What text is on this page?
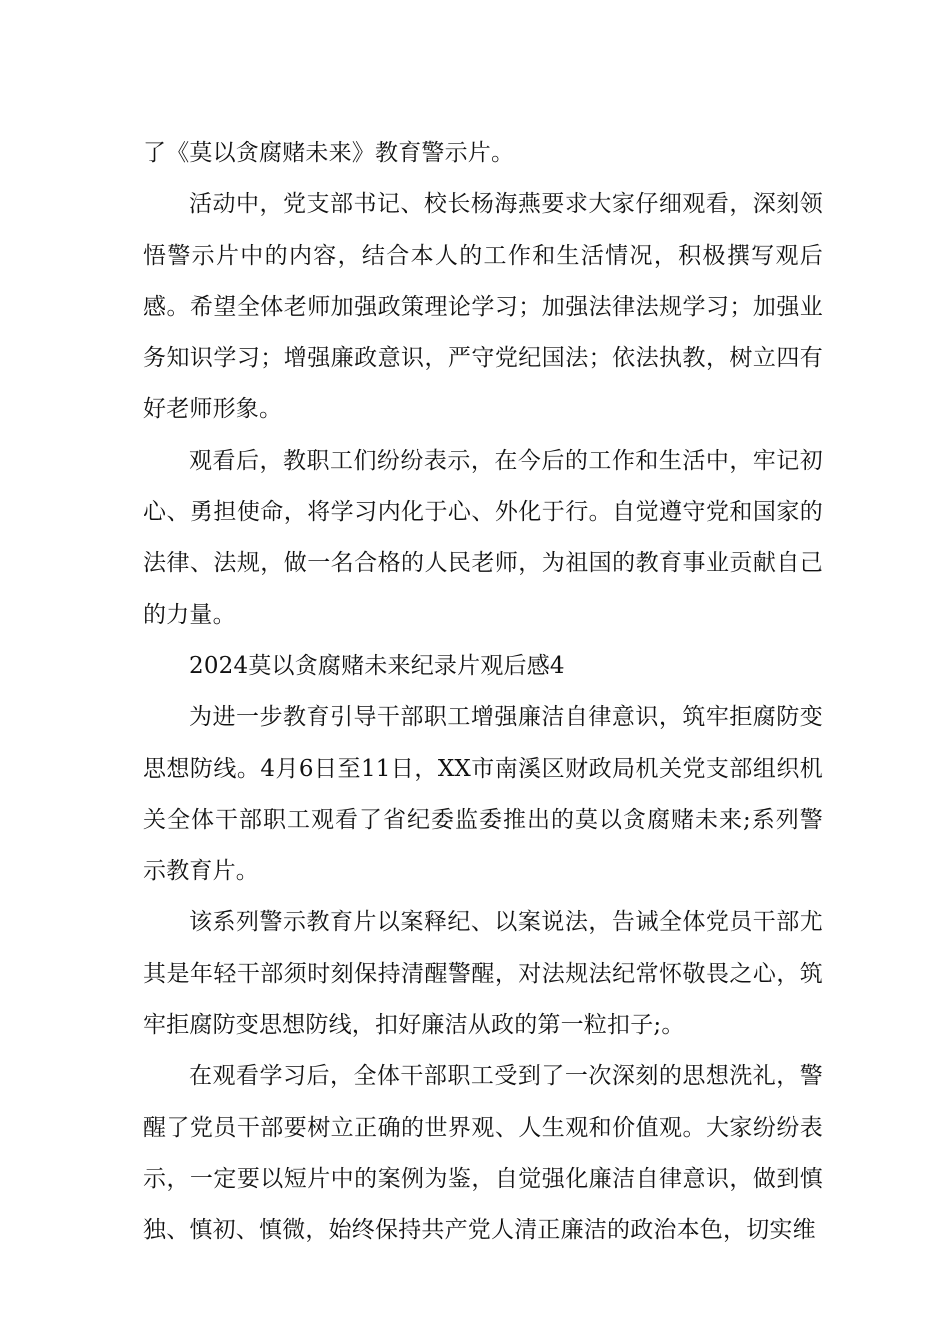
了《莫以贪腐赌未来》教育警示片。

活动中，党支部书记、校长杨海燕要求大家仔细观看，深刻领悟警示片中的内容，结合本人的工作和生活情况，积极撰写观后感。希望全体老师加强政策理论学习；加强法律法规学习；加强业务知识学习；增强廉政意识，严守党纪国法；依法执教，树立四有好老师形象。

观看后，教职工们纷纷表示，在今后的工作和生活中，牢记初心、勇担使命，将学习内化于心、外化于行。自觉遵守党和国家的法律、法规，做一名合格的人民老师，为祖国的教育事业贡献自己的力量。

2024莫以贪腐赌未来纪录片观后感4

为进一步教育引导干部职工增强廉洁自律意识，筑牢拒腐防变思想防线。4月6日至11日，XX市南溪区财政局机关党支部组织机关全体干部职工观看了省纪委监委推出的莫以贪腐赌未来;系列警示教育片。

该系列警示教育片以案释纪、以案说法，告诫全体党员干部尤其是年轻干部须时刻保持清醒警醒，对法规法纪常怀敬畏之心，筑牢拒腐防变思想防线，扣好廉洁从政的第一粒扣子;。

在观看学习后，全体干部职工受到了一次深刻的思想洗礼，警醒了党员干部要树立正确的世界观、人生观和价值观。大家纷纷表示，一定要以短片中的案例为鉴，自觉强化廉洁自律意识，做到慎独、慎初、慎微，始终保持共产党人清正廉洁的政治本色，切实维
